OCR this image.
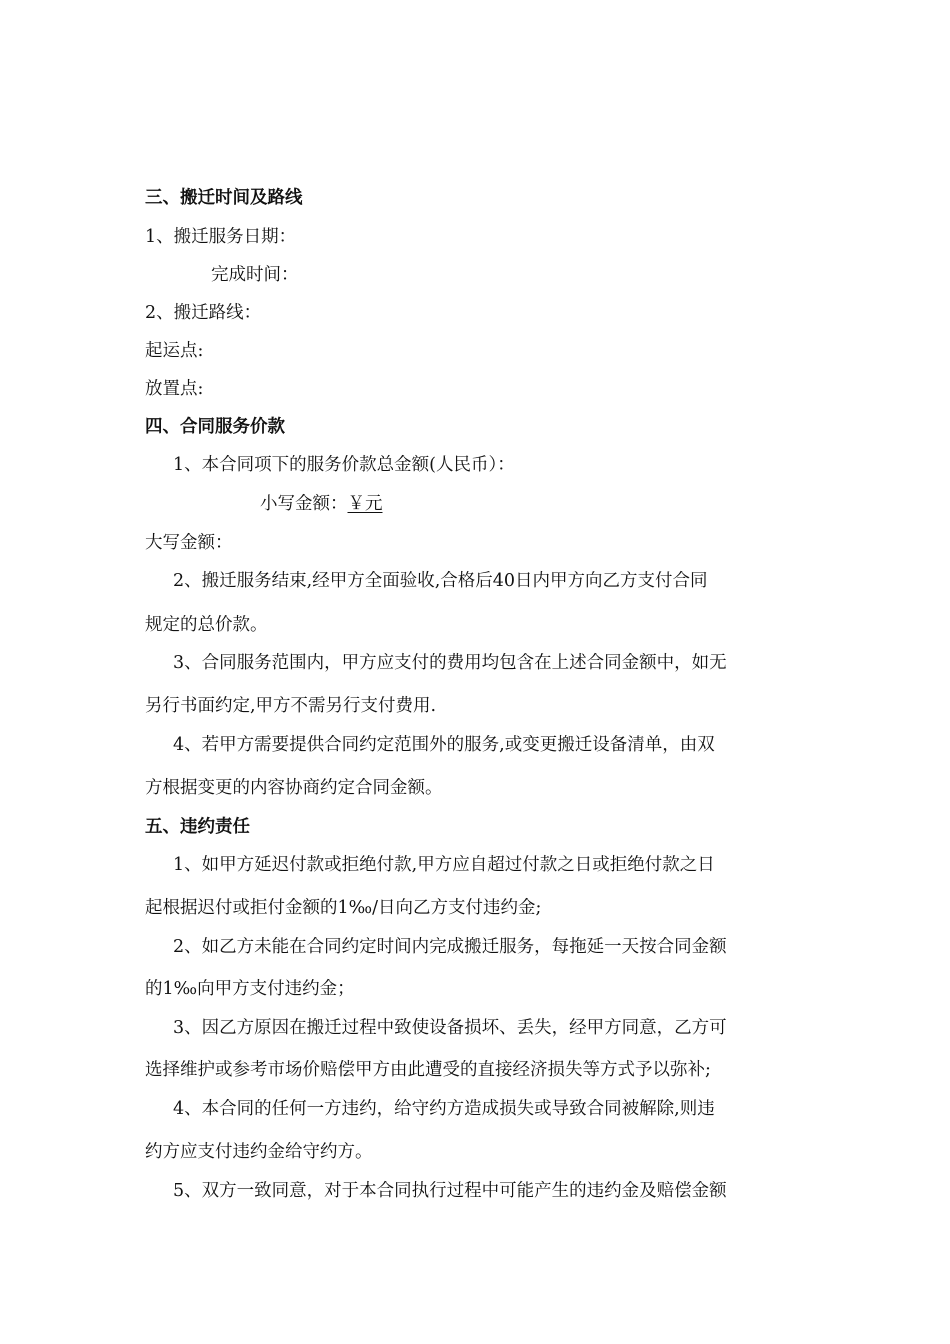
三、搬迁时间及路线
1、搬迁服务日期：
完成时间：
2、搬迁路线：
起运点:
放置点:
四、合同服务价款
1、本合同项下的服务价款总金额(人民币）：
小写金额：￥元
大写金额：
2、搬迁服务结束,经甲方全面验收,合格后40日内甲方向乙方支付合同
规定的总价款。
3、合同服务范围内，甲方应支付的费用均包含在上述合同金额中，如无
另行书面约定,甲方不需另行支付费用.
4、若甲方需要提供合同约定范围外的服务,或变更搬迁设备清单，由双
方根据变更的内容协商约定合同金额。
五、违约责任
1、如甲方延迟付款或拒绝付款,甲方应自超过付款之日或拒绝付款之日
起根据迟付或拒付金额的1‰/日向乙方支付违约金;
2、如乙方未能在合同约定时间内完成搬迁服务，每拖延一天按合同金额
的1‰向甲方支付违约金；
3、因乙方原因在搬迁过程中致使设备损坏、丢失，经甲方同意，乙方可
选择维护或参考市场价赔偿甲方由此遭受的直接经济损失等方式予以弥补;
4、本合同的任何一方违约，给守约方造成损失或导致合同被解除,则违
约方应支付违约金给守约方。
5、双方一致同意，对于本合同执行过程中可能产生的违约金及赔偿金额
